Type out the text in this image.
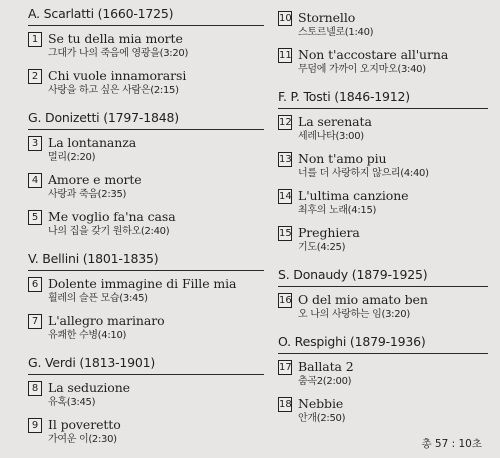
A. Scarlatti (1660-1725)
1 Se tu della mia morte
그대가 나의 죽음에 영광을(3:20)
2 Chi vuole innamorarsi
사랑을 하고 싶은 사람은(2:15)
G. Donizetti (1797-1848)
3 La lontananza
멀리(2:20)
4 Amore e morte
사랑과 죽음(2:35)
5 Me voglio fa'na casa
나의 집을 갖기 원하오(2:40)
V. Bellini (1801-1835)
6 Dolente immagine di Fille mia
휠레의 슬픈 모습(3:45)
7 L'allegro marinaro
유쾌한 수병(4:10)
G. Verdi (1813-1901)
8 La seduzione
유혹(3:45)
9 Il poveretto
가여운 이(2:30)
10 Stornello
스토르넬로(1:40)
11 Non t'accostare all'urna
무덤에 가까이 오지마오(3:40)
F. P. Tosti (1846-1912)
12 La serenata
세레나타(3:00)
13 Non t'amo piu
너를 더 사랑하지 않으리(4:40)
14 L'ultima canzione
최후의 노래(4:15)
15 Preghiera
기도(4:25)
S. Donaudy (1879-1925)
16 O del mio amato ben
오 나의 사랑하는 임(3:20)
O. Respighi (1879-1936)
17 Ballata 2
춤곡2(2:00)
18 Nebbie
안개(2:50)
총 57 : 10초
